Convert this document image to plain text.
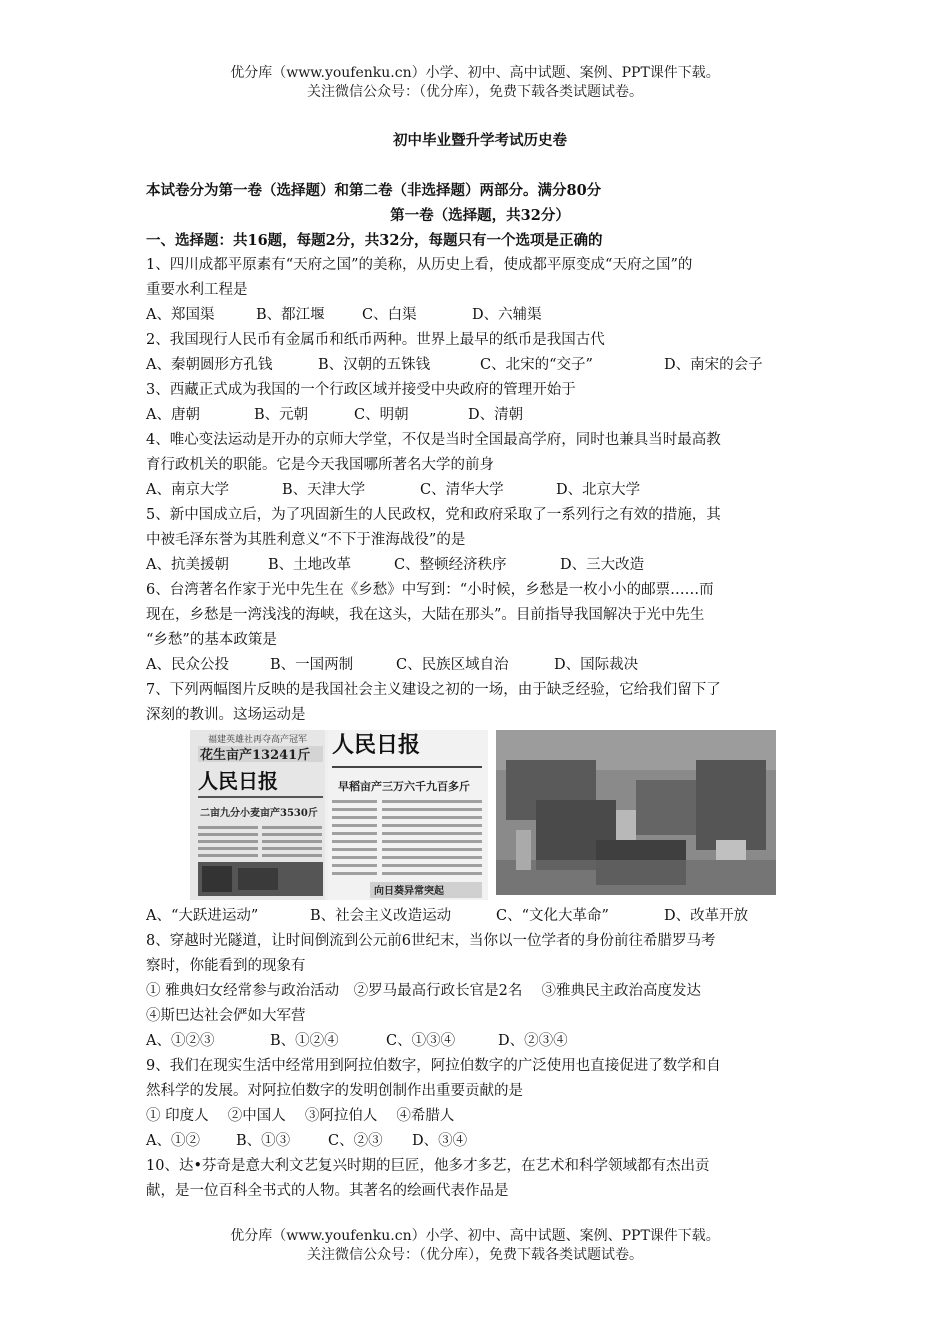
优分库（www.youfenku.cn）小学、初中、高中试题、案例、PPT课件下载。
关注微信公众号：（优分库），免费下载各类试题试卷。
初中毕业暨升学考试历史卷
本试卷分为第一卷（选择题）和第二卷（非选择题）两部分。满分80分
第一卷（选择题，共32分）
一、选择题：共16题，每题2分，共32分，每题只有一个选项是正确的
1、四川成都平原素有“天府之国”的美称，从历史上看，使成都平原变成“天府之国”的
重要水利工程是
A、郑国渠	B、都江堰	C、白渠	D、六辅渠
2、我国现行人民币有金属币和纸币两种。世界上最早的纸币是我国古代
A、秦朝圆形方孔钱	B、汉朝的五铢钱	C、北宋的“交子”	D、南宋的会子
3、西藏正式成为我国的一个行政区域并接受中央政府的管理开始于
A、唐朝	B、元朝	C、明朝	D、清朝
4、唯心变法运动是开办的京师大学堂，不仅是当时全国最高学府，同时也兼具当时最高教
育行政机关的职能。它是今天我国哪所著名大学的前身
A、南京大学	B、天津大学	C、清华大学	D、北京大学
5、新中国成立后，为了巩固新生的人民政权，党和政府采取了一系列行之有效的措施，其
中被毛泽东誉为其胜利意义“不下于淮海战役”的是
A、抗美援朝	B、土地改革	C、整顿经济秩序	D、三大改造
6、台湾著名作家于光中先生在《乡愁》中写到：“小时候，乡愁是一枚小小的邮票……而
现在，乡愁是一湾浅浅的海峡，我在这头，大陆在那头”。目前指导我国解决于光中先生
“乡愁”的基本政策是
A、民众公投	B、一国两制	C、民族区域自治	D、国际裁决
7、下列两幅图片反映的是我国社会主义建设之初的一场，由于缺乏经验，它给我们留下了
深刻的教训。这场运动是
福建英雄社再夺高产冠军
花生亩产13241斤
人民日报
二亩九分小麦亩产3530斤
人民日报
早稻亩产三万六千九百多斤
向日葵异常突起
A、“大跃进运动”	B、社会主义改造运动	C、“文化大革命”	D、改革开放
8、穿越时光隧道，让时间倒流到公元前6世纪末，当你以一位学者的身份前往希腊罗马考
察时，你能看到的现象有
① 雅典妇女经常参与政治活动　②罗马最高行政长官是2名　 ③雅典民主政治高度发达
④斯巴达社会俨如大军营
A、①②③	B、①②④	C、①③④	D、②③④
9、我们在现实生活中经常用到阿拉伯数字，阿拉伯数字的广泛使用也直接促进了数学和自
然科学的发展。对阿拉伯数字的发明创制作出重要贡献的是
① 印度人　 ②中国人　 ③阿拉伯人　 ④希腊人
A、①② B、①③	C、②③ D、③④
10、达•芬奇是意大利文艺复兴时期的巨匠，他多才多艺，在艺术和科学领域都有杰出贡
献，是一位百科全书式的人物。其著名的绘画代表作品是
优分库（www.youfenku.cn）小学、初中、高中试题、案例、PPT课件下载。
关注微信公众号：（优分库），免费下载各类试题试卷。
